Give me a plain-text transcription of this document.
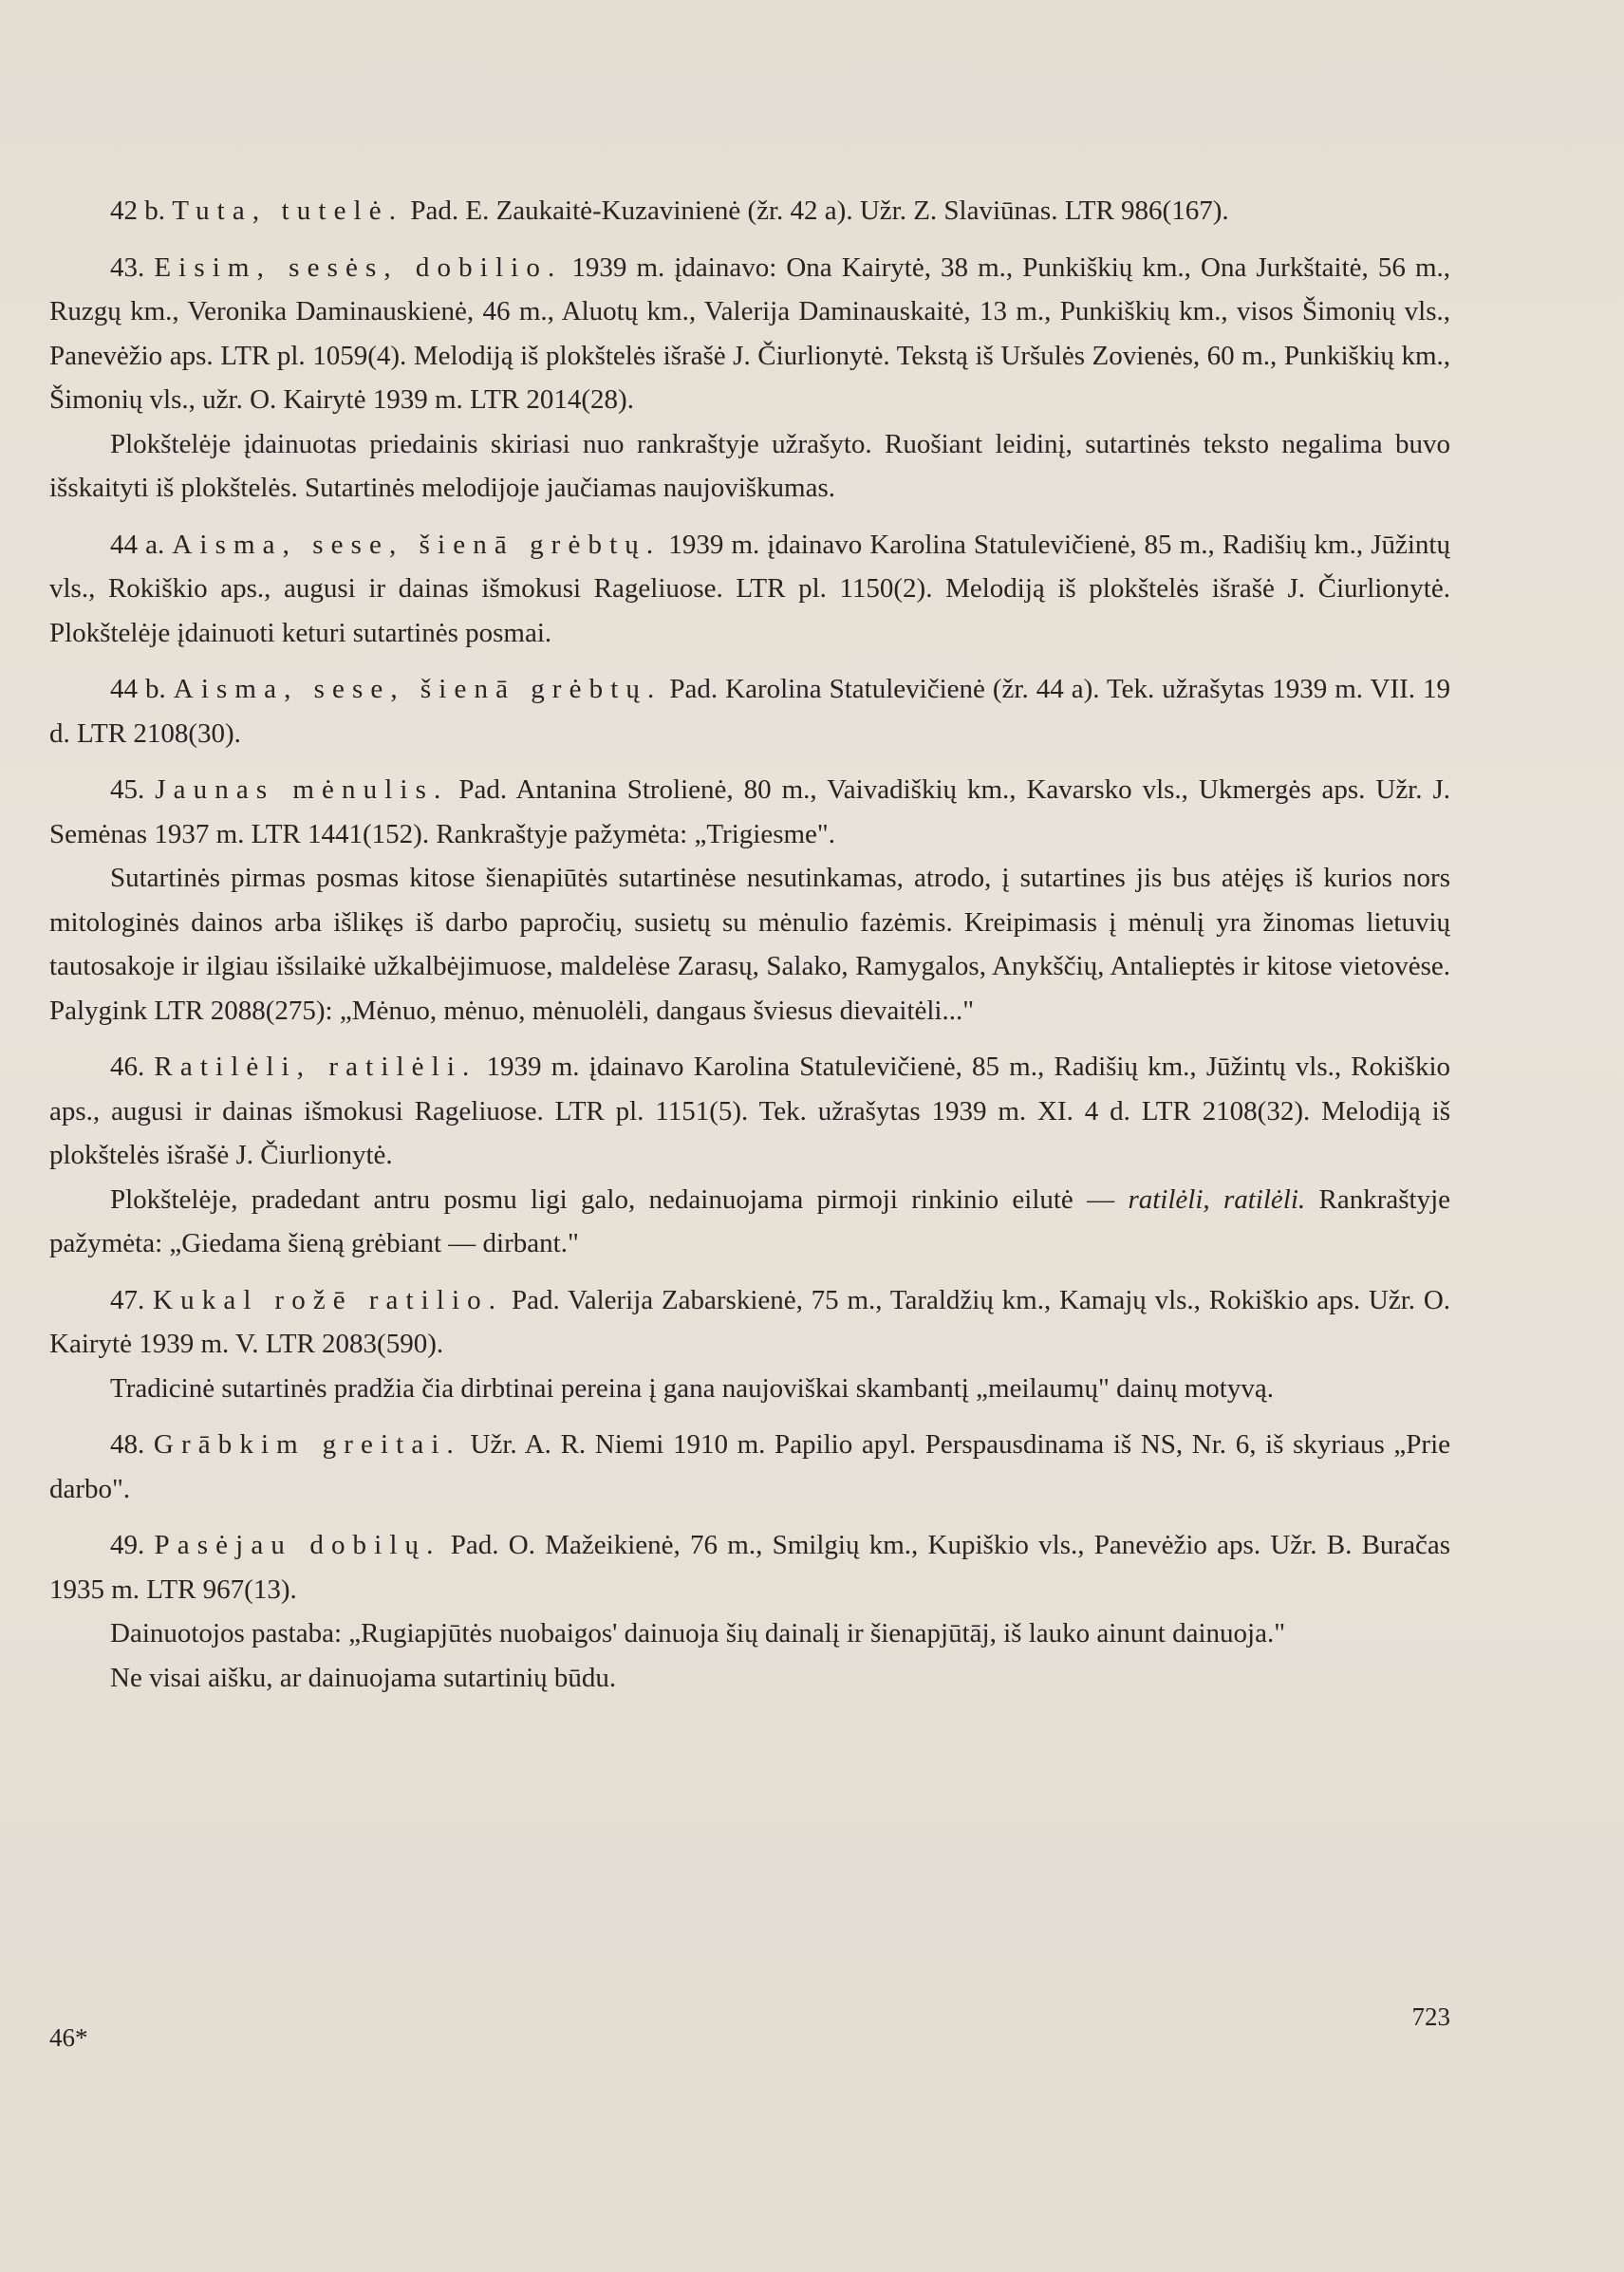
42 b. Tuta, tutelė. Pad. E. Zaukaitė-Kuzavinienė (žr. 42 a). Užr. Z. Slaviūnas. LTR 986(167).

43. Eisim, sesės, dobilio. 1939 m. įdainavo: Ona Kairytė, 38 m., Punkiškių km., Ona Jurkštaitė, 56 m., Ruzgų km., Veronika Daminauskienė, 46 m., Aluotų km., Valerija Daminauskaitė, 13 m., Punkiškių km., visos Šimonių vls., Panevėžio aps. LTR pl. 1059(4). Melodiją iš plokštelės išrašė J. Čiurlionytė. Tekstą iš Uršulės Zovienės, 60 m., Punkiškių km., Šimonių vls., užr. O. Kairytė 1939 m. LTR 2014(28).

Plokštelėje įdainuotas priedainis skiriasi nuo rankraštyje užrašyto. Ruošiant leidinį, sutartinės teksto negalima buvo išskaityti iš plokštelės. Sutartinės melodijoje jaučiamas naujoviškumas.

44 a. Aisma, sese, šienā grėbtų. 1939 m. įdainavo Karolina Statulevičienė, 85 m., Radišių km., Jūžintų vls., Rokiškio aps., augusi ir dainas išmokusi Rageliuose. LTR pl. 1150(2). Melodiją iš plokštelės išrašė J. Čiurlionytė. Plokštelėje įdainuoti keturi sutartinės posmai.

44 b. Aisma, sese, šienā grėbtų. Pad. Karolina Statulevičienė (žr. 44 a). Tek. užrašytas 1939 m. VII. 19 d. LTR 2108(30).

45. Jaunas mėnulis. Pad. Antanina Strolienė, 80 m., Vaivadiškių km., Kavarsko vls., Ukmergės aps. Užr. J. Semėnas 1937 m. LTR 1441(152). Rankraštyje pažymėta: „Trigiesme".

Sutartinės pirmas posmas kitose šienapiūtės sutartinėse nesutinkamas, atrodo, į sutartines jis bus atėjęs iš kurios nors mitologinės dainos arba išlikęs iš darbo papročių, susietų su mėnulio fazėmis. Kreipimasis į mėnulį yra žinomas lietuvių tautosakoje ir ilgiau išsilaikė užkalbėjimuose, maldelėse Zarasų, Salako, Ramygalos, Anykščių, Antalieptės ir kitose vietovėse. Palygink LTR 2088(275): „Mėnuo, mėnuo, mėnuolėli, dangaus šviesus dievaitėli..."

46. Ratilėli, ratilėli. 1939 m. įdainavo Karolina Statulevičienė, 85 m., Radišių km., Jūžintų vls., Rokiškio aps., augusi ir dainas išmokusi Rageliuose. LTR pl. 1151(5). Tek. užrašytas 1939 m. XI. 4 d. LTR 2108(32). Melodiją iš plokštelės išrašė J. Čiurlionytė.

Plokštelėje, pradedant antru posmu ligi galo, nedainuojama pirmoji rinkinio eilutė — ratilėli, ratilėli. Rankraštyje pažymėta: „Giedama šieną grėbiant — dirbant."

47. Kukal rožē ratilio. Pad. Valerija Zabarskienė, 75 m., Taraldžių km., Kamajų vls., Rokiškio aps. Užr. O. Kairytė 1939 m. V. LTR 2083(590).

Tradicinė sutartinės pradžia čia dirbtinai pereina į gana naujoviškai skambantį „meilaumų" dainų motyvą.

48. Grābkim greitai. Užr. A. R. Niemi 1910 m. Papilio apyl. Perspausdinama iš NS, Nr. 6, iš skyriaus „Prie darbo".

49. Pasėjau dobilų. Pad. O. Mažeikienė, 76 m., Smilgių km., Kupiškio vls., Panevėžio aps. Užr. B. Buračas 1935 m. LTR 967(13).

Dainuotojos pastaba: „Rugiapjūtės nuobaigos' dainuoja šių dainalį ir šienapjūtāj, iš lauko ainunt dainuoja."

Ne visai aišku, ar dainuojama sutartinių būdu.

46*
723
